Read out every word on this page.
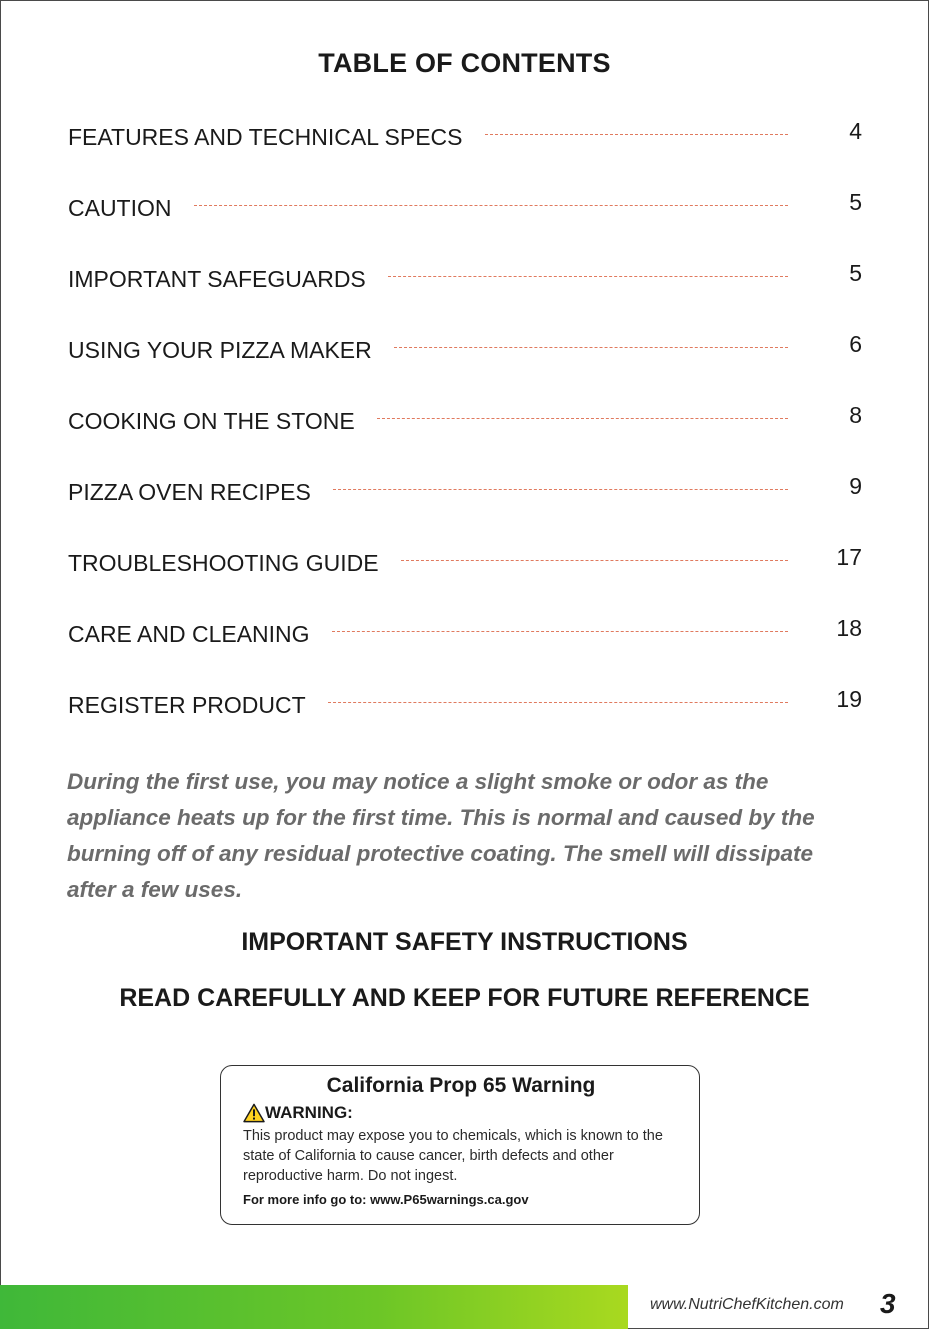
TABLE OF CONTENTS
FEATURES AND TECHNICAL SPECS	4
CAUTION	5
IMPORTANT SAFEGUARDS	5
USING YOUR PIZZA MAKER	6
COOKING ON THE STONE	8
PIZZA OVEN RECIPES	9
TROUBLESHOOTING GUIDE	17
CARE AND CLEANING	18
REGISTER PRODUCT	19
During the first use, you may notice a slight smoke or odor as the appliance heats up for the first time. This is normal and caused by the burning off of any residual protective coating. The smell will dissipate after a few uses.
IMPORTANT SAFETY INSTRUCTIONS
READ CAREFULLY AND KEEP FOR FUTURE REFERENCE
California Prop 65 Warning
WARNING:
This product may expose you to chemicals, which is known to the state of California to cause cancer, birth defects and other reproductive harm. Do not ingest.
For more info go to: www.P65warnings.ca.gov
www.NutriChefKitchen.com 3
